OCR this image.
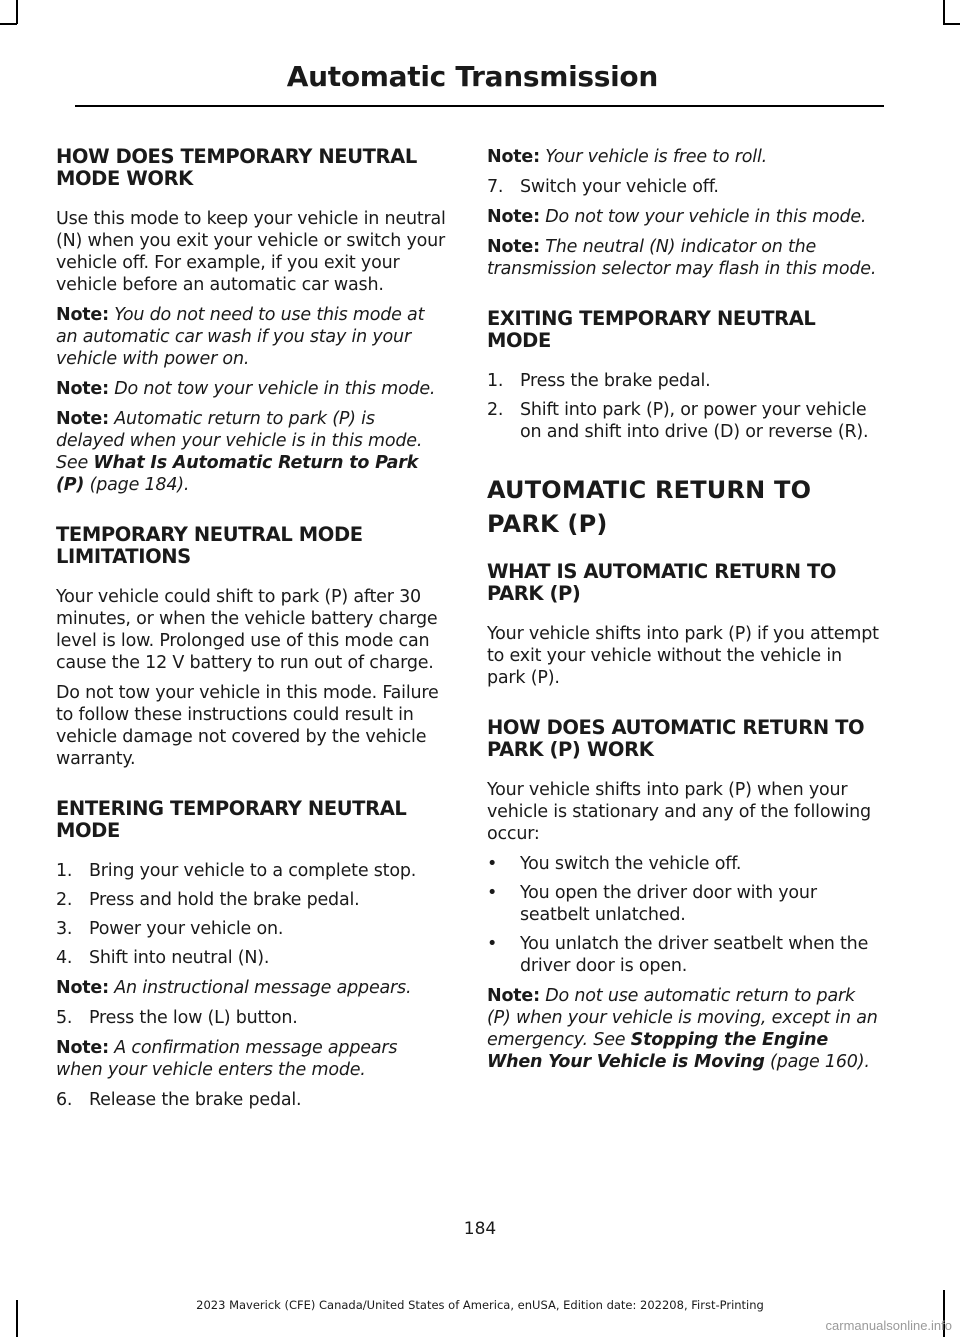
Automatic Transmission
HOW DOES TEMPORARY NEUTRAL MODE WORK

Use this mode to keep your vehicle in neutral (N) when you exit your vehicle or switch your vehicle off. For example, if you exit your vehicle before an automatic car wash.

Note: You do not need to use this mode at an automatic car wash if you stay in your vehicle with power on.

Note: Do not tow your vehicle in this mode.

Note: Automatic return to park (P) is delayed when your vehicle is in this mode. See What Is Automatic Return to Park (P) (page 184).

TEMPORARY NEUTRAL MODE LIMITATIONS

Your vehicle could shift to park (P) after 30 minutes, or when the vehicle battery charge level is low. Prolonged use of this mode can cause the 12 V battery to run out of charge.

Do not tow your vehicle in this mode. Failure to follow these instructions could result in vehicle damage not covered by the vehicle warranty.

ENTERING TEMPORARY NEUTRAL MODE
1. Bring your vehicle to a complete stop.
2. Press and hold the brake pedal.
3. Power your vehicle on.
4. Shift into neutral (N).

Note: An instructional message appears.

5. Press the low (L) button.

Note: A confirmation message appears when your vehicle enters the mode.

6. Release the brake pedal.

Note: Your vehicle is free to roll.

7. Switch your vehicle off.

Note: Do not tow your vehicle in this mode.

Note: The neutral (N) indicator on the transmission selector may flash in this mode.

EXITING TEMPORARY NEUTRAL MODE
1. Press the brake pedal.
2. Shift into park (P), or power your vehicle on and shift into drive (D) or reverse (R).
AUTOMATIC RETURN TO
PARK (P)
WHAT IS AUTOMATIC RETURN TO PARK (P)

Your vehicle shifts into park (P) if you attempt to exit your vehicle without the vehicle in park (P).

HOW DOES AUTOMATIC RETURN TO PARK (P) WORK

Your vehicle shifts into park (P) when your vehicle is stationary and any of the following occur:

• You switch the vehicle off.
• You open the driver door with your seatbelt unlatched.
• You unlatch the driver seatbelt when the driver door is open.

Note: Do not use automatic return to park (P) when your vehicle is moving, except in an emergency. See Stopping the Engine When Your Vehicle is Moving (page 160).

184
2023 Maverick (CFE) Canada/United States of America, enUSA, Edition date: 202208, First-Printing
carmanualsonline.info
